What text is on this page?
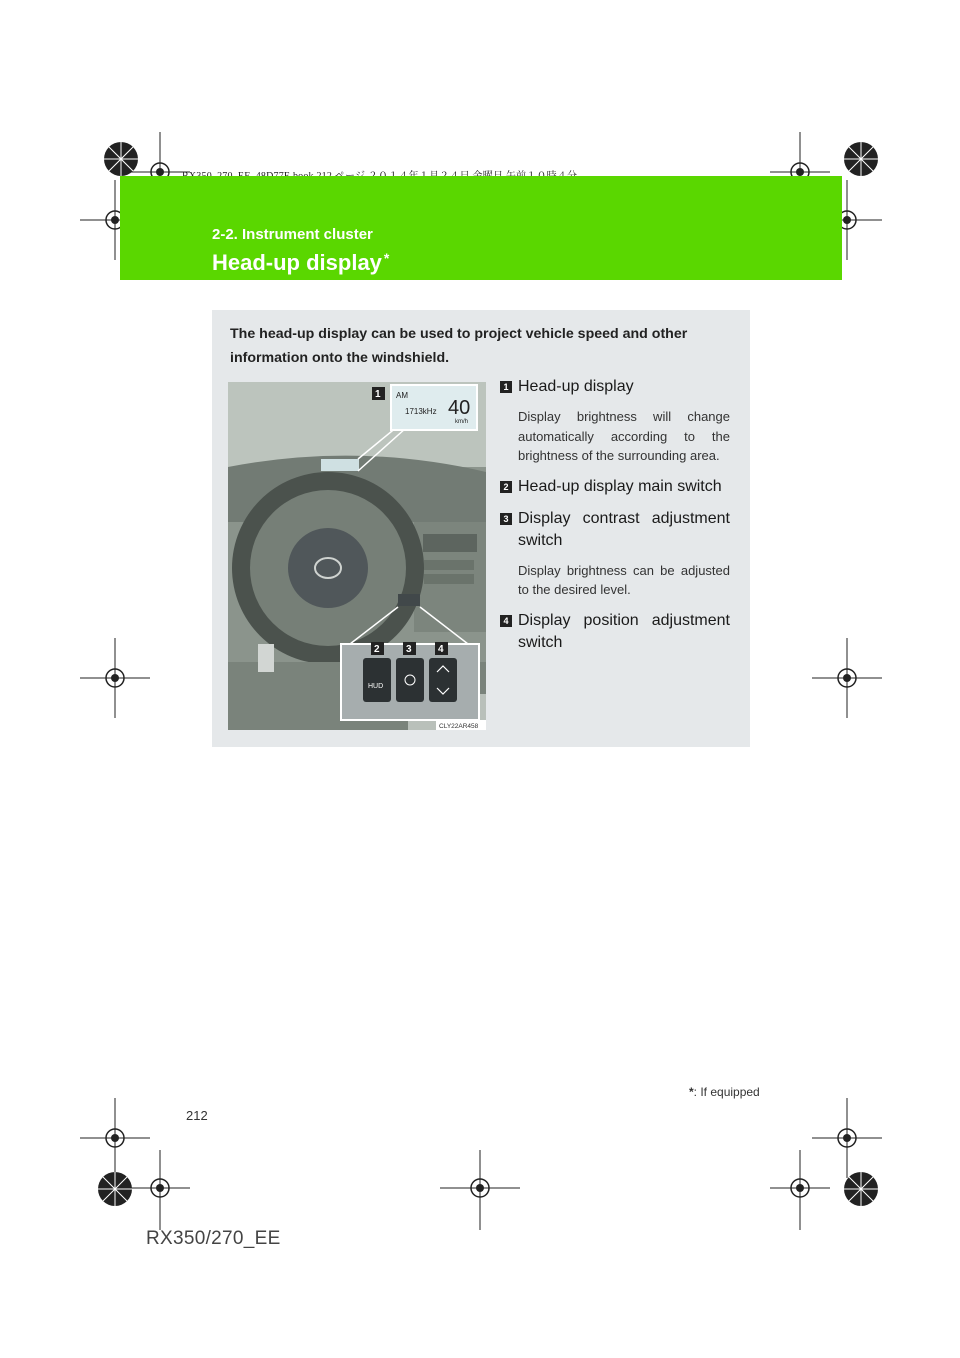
2-2. Instrument cluster
Head-up display *
The head-up display can be used to project vehicle speed and other information onto the windshield.
AM
1713kHz 40
km/h
1
HUD
2	3	4
CLY22AR458
1 Head-up display
Display brightness will change automatically according to the brightness of the surrounding area.
2 Head-up display main switch
3 Display contrast adjustment switch
Display brightness can be adjusted to the desired level.
4 Display position adjustment switch
*: If equipped
212
RX350/270_EE
